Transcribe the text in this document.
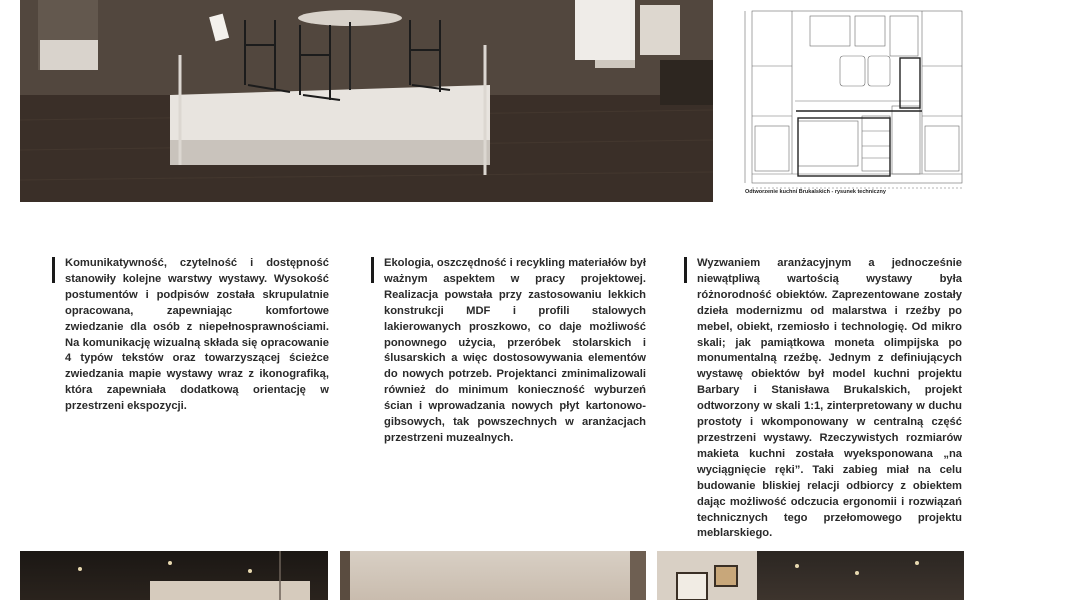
Odtworzenie kuchni Brukalskich - rysunek techniczny

Komunikatywność, czytelność i dostępność stanowiły kolejne warstwy wystawy. Wysokość postumentów i podpisów została skrupulatnie opracowana, zapewniając komfortowe zwiedzanie dla osób z niepełnosprawnościami. Na komunikację wizualną składa się opracowanie 4 typów tekstów oraz towarzyszącej ścieżce zwiedzania mapie wystawy wraz z ikonografiką, która zapewniała dodatkową orientację w przestrzeni ekspozycji.

Ekologia, oszczędność i recykling materiałów był ważnym aspektem w pracy projektowej. Realizacja powstała przy zastosowaniu lekkich konstrukcji MDF i profili stalowych lakierowanych proszkowo, co daje możliwość ponownego użycia, przeróbek stolarskich i ślusarskich a więc dostosowywania elementów do nowych potrzeb. Projektanci zminimalizowali również do minimum konieczność wyburzeń ścian i wprowadzania nowych płyt kartonowo-gibsowych, tak powszechnych w aranżacjach przestrzeni muzealnych.

Wyzwaniem aranżacyjnym a jednocześnie niewątpliwą wartością wystawy była różnorodność obiektów. Zaprezentowane zostały dzieła modernizmu od malarstwa i rzeźby po mebel, obiekt, rzemiosło i technologię. Od mikro skali; jak pamiątkowa moneta olimpijska po monumentalną rzeźbę. Jednym z definiujących wystawę obiektów był model kuchni projektu Barbary i Stanisława Brukalskich, projekt odtworzony w skali 1:1, zinterpretowany w duchu prostoty i wkomponowany w centralną część przestrzeni wystawy. Rzeczywistych rozmiarów makieta kuchni została wyeksponowana „na wyciągnięcie ręki”. Taki zabieg miał na celu budowanie bliskiej relacji odbiorcy z obiektem dając możliwość odczucia ergonomii i rozwiązań technicznych tego przełomowego projektu meblarskiego.
